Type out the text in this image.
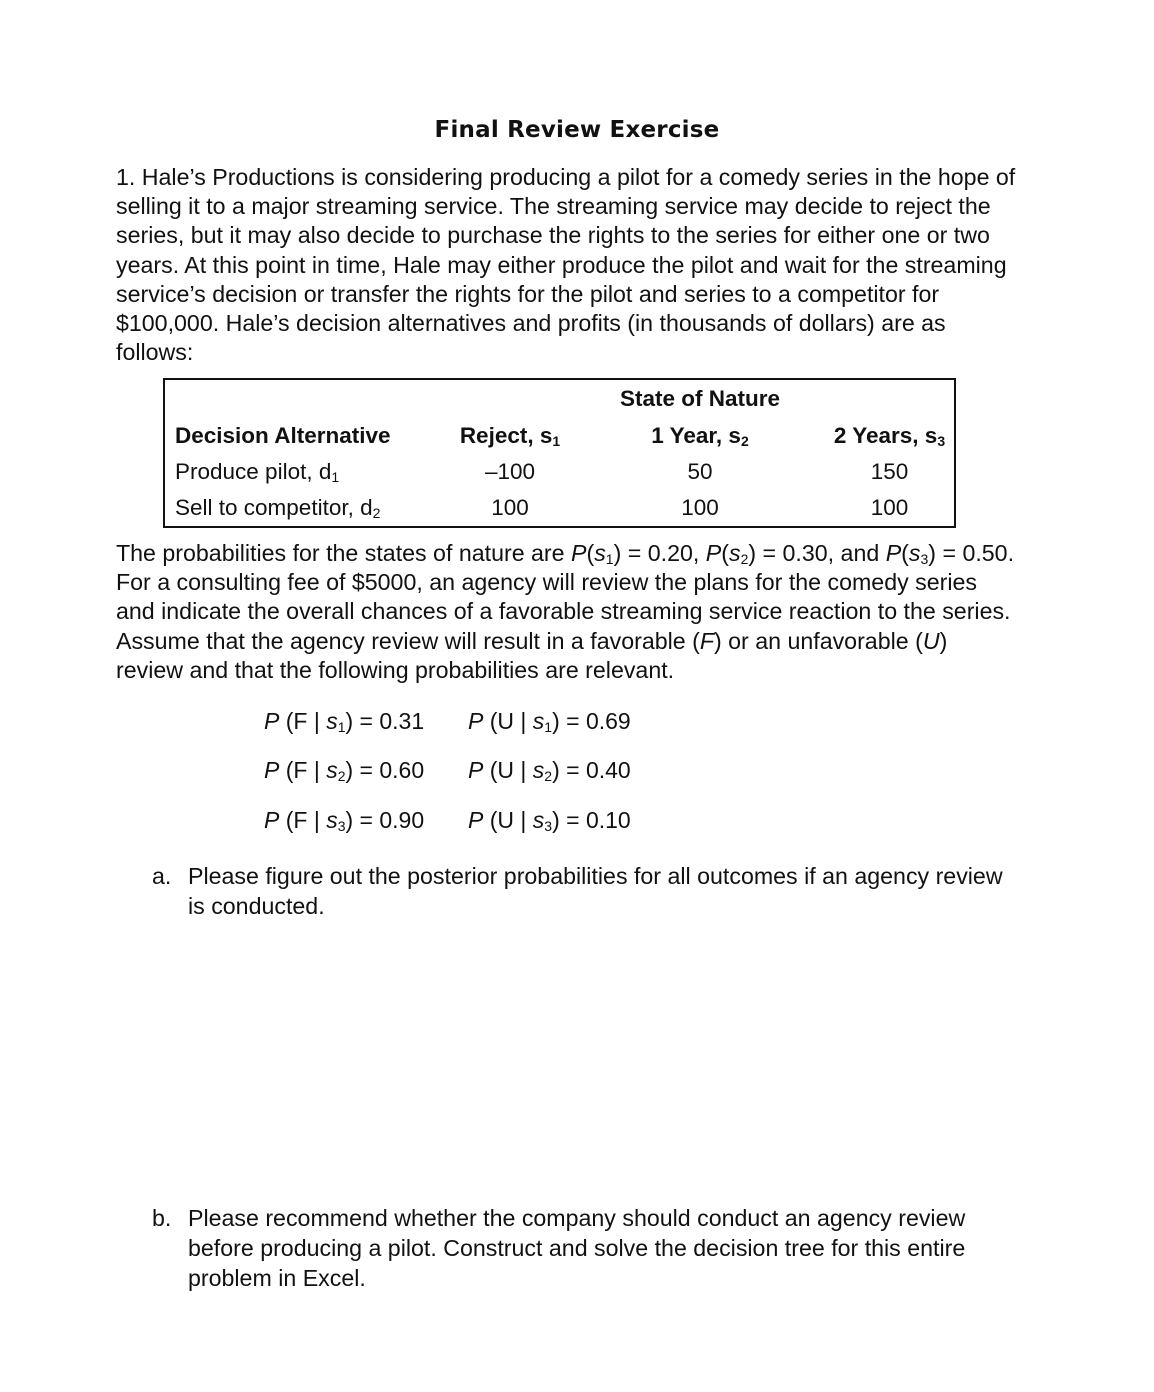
Final Review Exercise
1. Hale’s Productions is considering producing a pilot for a comedy series in the hope of
selling it to a major streaming service. The streaming service may decide to reject the
series, but it may also decide to purchase the rights to the series for either one or two
years. At this point in time, Hale may either produce the pilot and wait for the streaming
service’s decision or transfer the rights for the pilot and series to a competitor for
$100,000. Hale’s decision alternatives and profits (in thousands of dollars) are as
follows:
		State of Nature	
Decision Alternative	Reject, $s_1$	1 Year, $s_2$	2 Years, $s_3$
Produce pilot, $d_1$	–100	50	150
Sell to competitor, $d_2$	100	100	100
The probabilities for the states of nature are $P(s_1) = 0.20$, $P(s_2) = 0.30$, and $P(s_3) = 0.50$.
For a consulting fee of $5000, an agency will review the plans for the comedy series
and indicate the overall chances of a favorable streaming service reaction to the series.
Assume that the agency review will result in a favorable (F) or an unfavorable (U)
review and that the following probabilities are relevant.
P (F | $s_1) = 0.31$ P (U | $s_1) = 0.69$
P (F | $s_2) = 0.60$ P (U | $s_2) = 0.40$
P (F | $s_3) = 0.90$ P (U | $s_3) = 0.10$
a. Please figure out the posterior probabilities for all outcomes if an agency review
is conducted.
b. Please recommend whether the company should conduct an agency review
before producing a pilot. Construct and solve the decision tree for this entire
problem in Excel.
